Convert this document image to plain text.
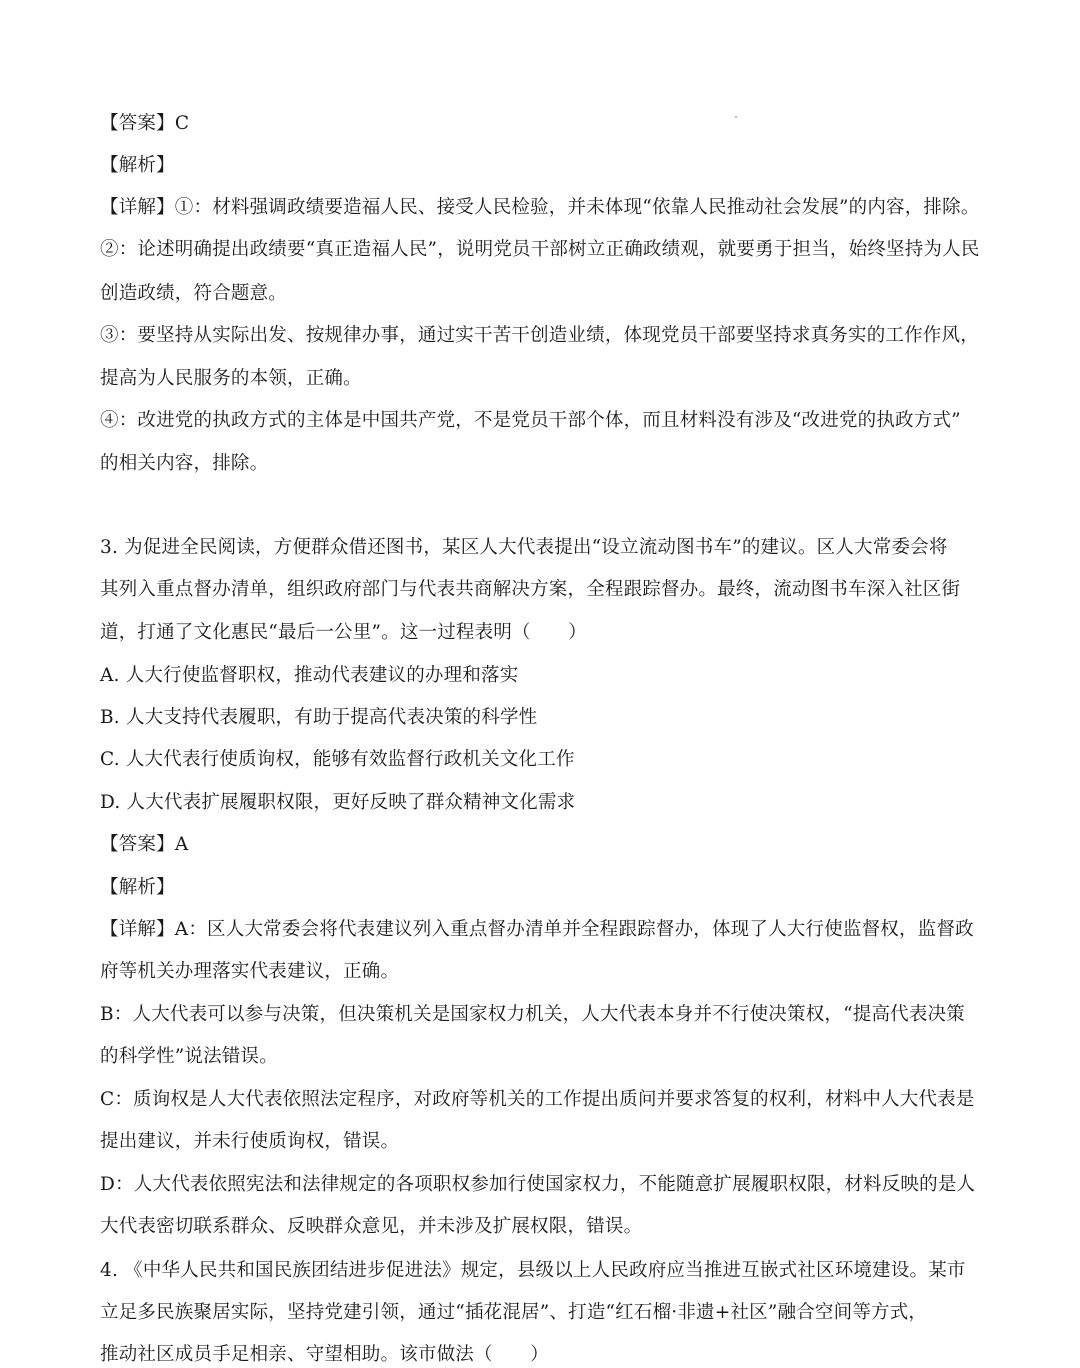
【答案】C
【解析】
【详解】①：材料强调政绩要造福人民、接受人民检验，并未体现“依靠人民推动社会发展”的内容，排除。
②：论述明确提出政绩要“真正造福人民”，说明党员干部树立正确政绩观，就要勇于担当，始终坚持为人民
创造政绩，符合题意。
③：要坚持从实际出发、按规律办事，通过实干苦干创造业绩，体现党员干部要坚持求真务实的工作作风，
提高为人民服务的本领，正确。
④：改进党的执政方式的主体是中国共产党，不是党员干部个体，而且材料没有涉及“改进党的执政方式”
的相关内容，排除。
3. 为促进全民阅读，方便群众借还图书，某区人大代表提出“设立流动图书车”的建议。区人大常委会将
其列入重点督办清单，组织政府部门与代表共商解决方案，全程跟踪督办。最终，流动图书车深入社区街
道，打通了文化惠民“最后一公里”。这一过程表明（　　）
A. 人大行使监督职权，推动代表建议的办理和落实
B. 人大支持代表履职，有助于提高代表决策的科学性
C. 人大代表行使质询权，能够有效监督行政机关文化工作
D. 人大代表扩展履职权限，更好反映了群众精神文化需求
【答案】A
【解析】
【详解】A：区人大常委会将代表建议列入重点督办清单并全程跟踪督办，体现了人大行使监督权，监督政
府等机关办理落实代表建议，正确。
B：人大代表可以参与决策，但决策机关是国家权力机关，人大代表本身并不行使决策权，“提高代表决策
的科学性”说法错误。
C：质询权是人大代表依照法定程序，对政府等机关的工作提出质问并要求答复的权利，材料中人大代表是
提出建议，并未行使质询权，错误。
D：人大代表依照宪法和法律规定的各项职权参加行使国家权力，不能随意扩展履职权限，材料反映的是人
大代表密切联系群众、反映群众意见，并未涉及扩展权限，错误。
4. 《中华人民共和国民族团结进步促进法》规定，县级以上人民政府应当推进互嵌式社区环境建设。某市
立足多民族聚居实际，坚持党建引领，通过“插花混居”、打造“红石榴·非遗+社区”融合空间等方式，
推动社区成员手足相亲、守望相助。该市做法（　　）
